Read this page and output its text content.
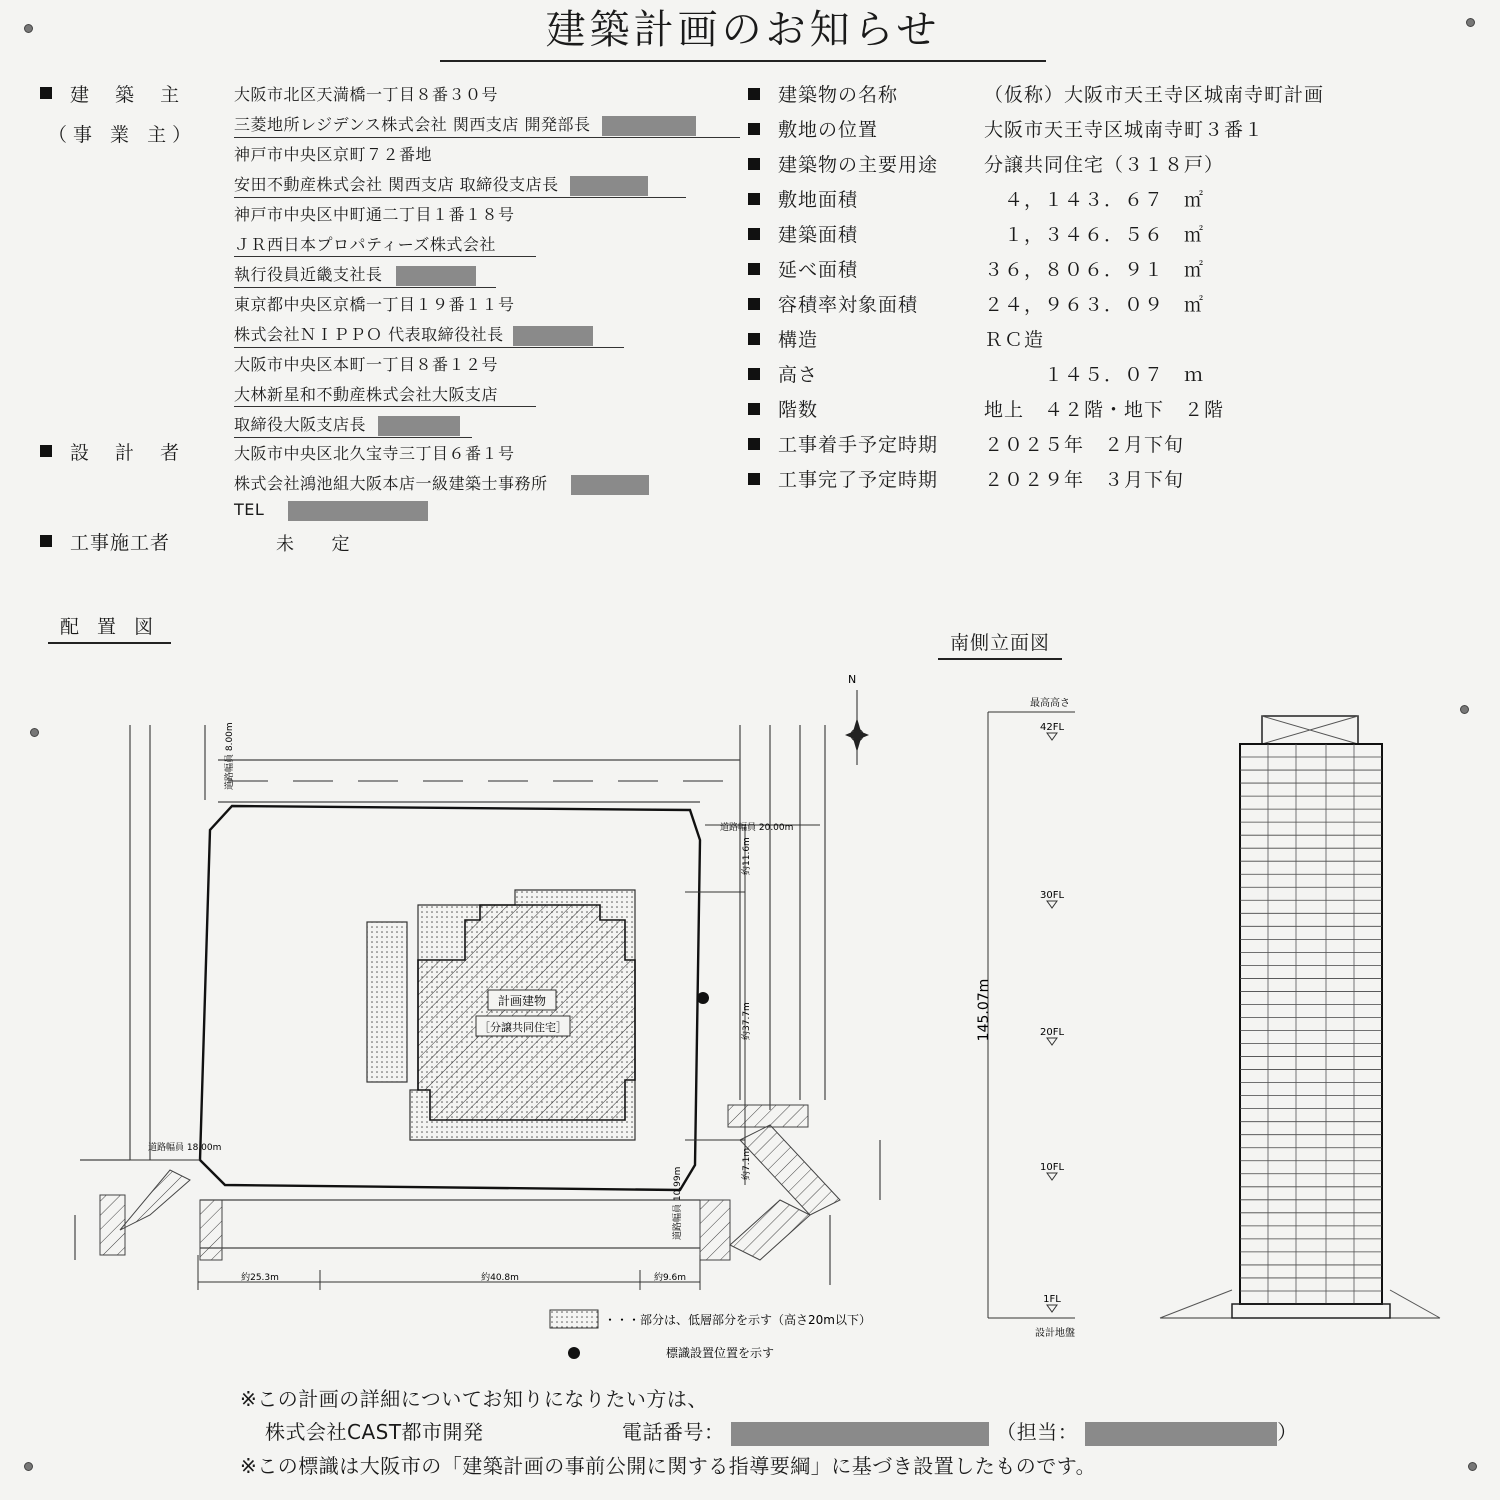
建築計画のお知らせ
建 築 主
（事 業 主）
大阪市北区天満橋一丁目８番３０号
三菱地所レジデンス株式会社 関西支店 開発部長
神戸市中央区京町７２番地
安田不動産株式会社 関西支店 取締役支店長
神戸市中央区中町通二丁目１番１８号
ＪＲ西日本プロパティーズ株式会社
執行役員近畿支社長
東京都中央区京橋一丁目１９番１１号
株式会社ＮＩＰＰＯ 代表取締役社長
大阪市中央区本町一丁目８番１２号
大林新星和不動産株式会社大阪支店
取締役大阪支店長
設 計 者	大阪市中央区北久宝寺三丁目６番１号
株式会社鴻池組大阪本店一級建築士事務所
TEL
工事施工者	未　　定
建築物の名称	（仮称）大阪市天王寺区城南寺町計画
敷地の位置	大阪市天王寺区城南寺町３番１
建築物の主要用途 分譲共同住宅（３１８戸）
敷地面積	　４，１４３．６７　㎡
建築面積	　１，３４６．５６　㎡
延べ面積	３６，８０６．９１　㎡
容積率対象面積	２４，９６３．０９　㎡
構造	ＲＣ造
高さ	　　　１４５．０７　ｍ
階数	地上　４２階・地下　２階
工事着手予定時期 ２０２５年　２月下旬
工事完了予定時期 ２０２９年　３月下旬
配 置 図
南側立面図
計画建物
［分譲共同住宅］
道路幅員 20.00m
道路幅員 8.00m
道路幅員 18.00m
道路幅員 10.99m
約11.6m
約37.7m
約7.1m
約25.3m	約40.8m	約9.6m
N
・・・部分は、低層部分を示す（高さ20m以下）
標識設置位置を示す
最高高さ
145.07m
42FL
30FL
20FL
10FL
1FL
設計地盤
※この計画の詳細についてお知りになりたい方は、
株式会社CAST都市開発	電話番号：	（担当：	）
※この標識は大阪市の「建築計画の事前公開に関する指導要綱」に基づき設置したものです。
